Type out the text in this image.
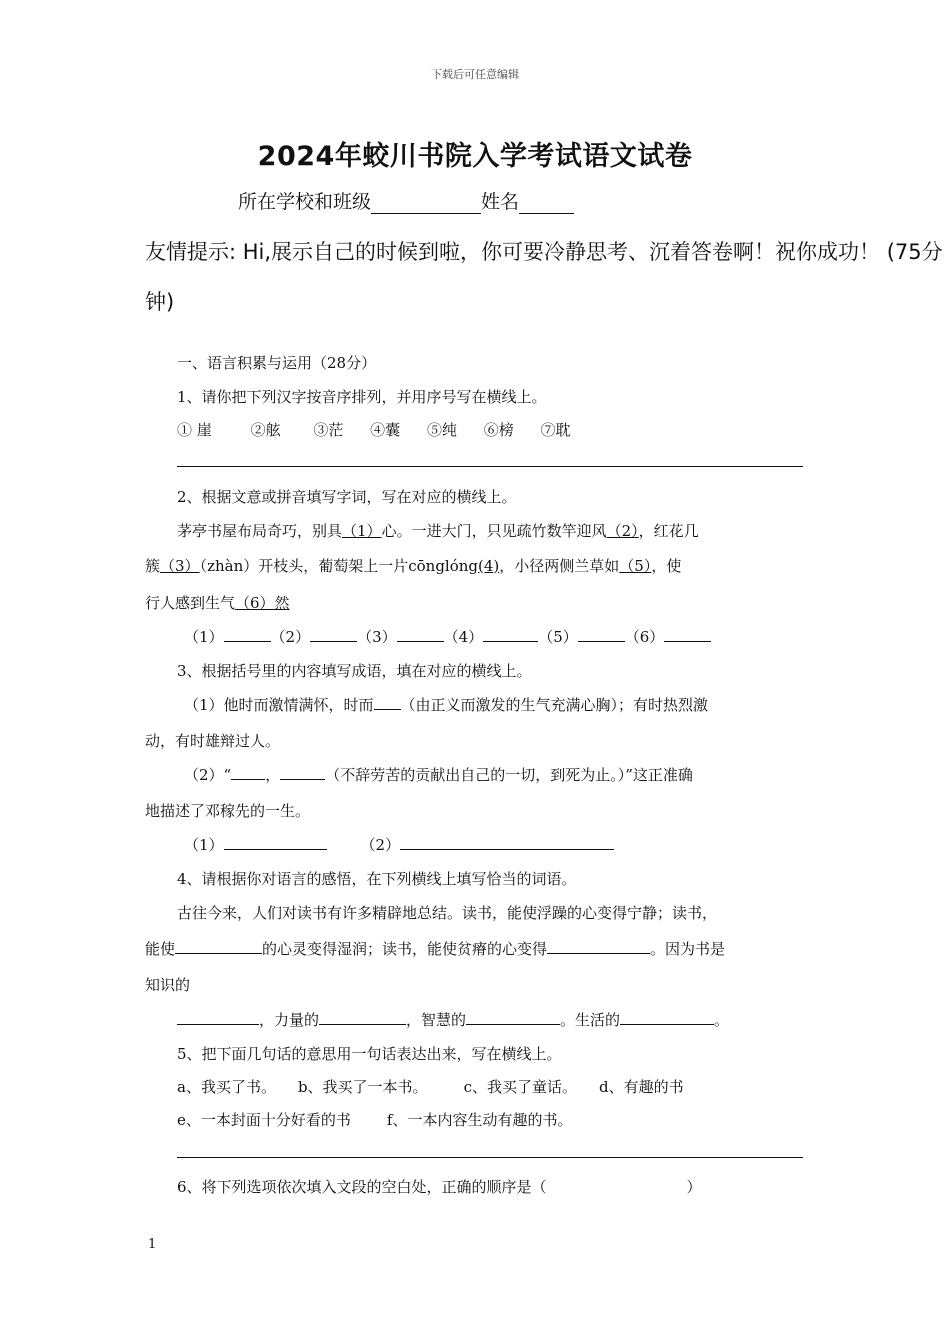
下载后可任意编辑
2024年蛟川书院入学考试语文试卷
所在学校和班级	姓名
友情提示: Hi,展示自己的时候到啦，你可要冷静思考、沉着答卷啊！祝你成功！ (75分
钟)
一、语言积累与运用（28分）
1、请你把下列汉字按音序排列，并用序号写在横线上。
① 崖	②舷 ③茫 ④囊 ⑤纯 ⑥榜 ⑦耽
2、根据文意或拼音填写字词，写在对应的横线上。
茅亭书屋布局奇巧，别具（1）心。一进大门，只见疏竹数竿迎风（2），红花几
簇（3）（zhàn）开枝头，葡萄架上一片cōnglóng(4)，小径两侧兰草如（5），使
行人感到生气（6）然
（1）	（2）	（3）	（4）	（5）	（6）
3、根据括号里的内容填写成语，填在对应的横线上。
（1）他时而激情满怀，时而 （由正义而激发的生气充满心胸）；有时热烈激
动，有时雄辩过人。
（2）“ ，	（不辞劳苦的贡献出自己的一切，到死为止。）”这正准确
地描述了邓稼先的一生。
（1）	（2）
4、请根据你对语言的感悟，在下列横线上填写恰当的词语。
古往今来，人们对读书有许多精辟地总结。读书，能使浮躁的心变得宁静；读书，
能使	的心灵变得湿润；读书，能使贫瘠的心变得	。因为书是
知识的
，力量的	，智慧的	。生活的	。
5、把下面几句话的意思用一句话表达出来，写在横线上。
a、我买了书。 b、我买了一本书。 c、我买了童话。 d、有趣的书
e、一本封面十分好看的书 f、一本内容生动有趣的书。
6、将下列选项依次填入文段的空白处，正确的顺序是（	）
1
